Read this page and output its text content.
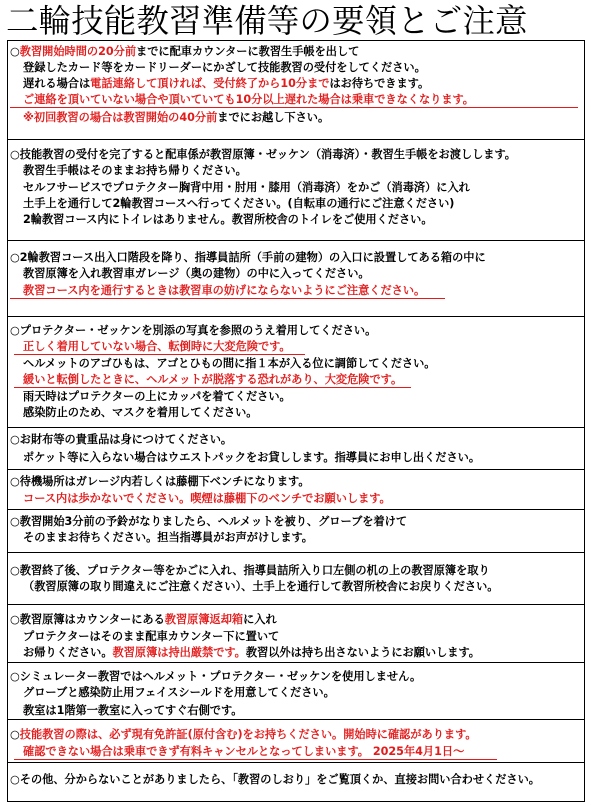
二輪技能教習準備等の要領とご注意
○教習開始時間の20分前までに配車カウンターに教習生手帳を出して
登録したカード等をカードリーダーにかざして技能教習の受付をしてください。
遅れる場合は電話連絡して頂ければ、受付終了から10分まではお待ちできます。
ご連絡を頂いていない場合や頂いていても10分以上遅れた場合は乗車できなくなります。
※初回教習の場合は教習開始の40分前までにお越し下さい。
○技能教習の受付を完了すると配車係が教習原簿・ゼッケン（消毒済）・教習生手帳をお渡しします。
教習生手帳はそのままお持ち帰りください。
セルフサービスでプロテクター胸背中用・肘用・膝用（消毒済）をかご（消毒済）に入れ
土手上を通行して2輪教習コースへ行ってください。(自転車の通行にご注意ください)
2輪教習コース内にトイレはありません。教習所校舎のトイレをご使用ください。
○2輪教習コース出入口階段を降り、指導員詰所（手前の建物）の入口に設置してある箱の中に
教習原簿を入れ教習車ガレージ（奥の建物）の中に入ってください。
教習コース内を通行するときは教習車の妨げにならないようにご注意ください。
○プロテクター・ゼッケンを別添の写真を参照のうえ着用してください。
正しく着用していない場合、転倒時に大変危険です。
ヘルメットのアゴひもは、アゴとひもの間に指１本が入る位に調節してください。
緩いと転倒したときに、ヘルメットが脱落する恐れがあり、大変危険です。
雨天時はプロテクターの上にカッパを着てください。
感染防止のため、マスクを着用してください。
○お財布等の貴重品は身につけてください。
ポケット等に入らない場合はウエストパックをお貸しします。指導員にお申し出ください。
○待機場所はガレージ内若しくは藤棚下ベンチになります。
コース内は歩かないでください。喫煙は藤棚下のベンチでお願いします。
○教習開始3分前の予鈴がなりましたら、ヘルメットを被り、グローブを着けて
そのままお待ちください。担当指導員がお声がけします。
○教習終了後、プロテクター等をかごに入れ、指導員詰所入り口左側の机の上の教習原簿を取り
（教習原簿の取り間違えにご注意ください）、土手上を通行して教習所校舎にお戻りください。
○教習原簿はカウンターにある教習原簿返却箱に入れ
プロテクターはそのまま配車カウンター下に置いて
お帰りください。教習原簿は持出厳禁です。教習以外は持ち出さないようにお願いします。
○シミュレーター教習ではヘルメット・プロテクター・ゼッケンを使用しません。
グローブと感染防止用フェイスシールドを用意してください。
教室は1階第一教室に入ってすぐ右側です。
○技能教習の際は、必ず現有免許証(原付含む)をお持ちください。開始時に確認があります。
確認できない場合は乗車できず有料キャンセルとなってしまいます。 2025年4月1日～
○その他、分からないことがありましたら、「教習のしおり」をご覧頂くか、直接お問い合わせください。
